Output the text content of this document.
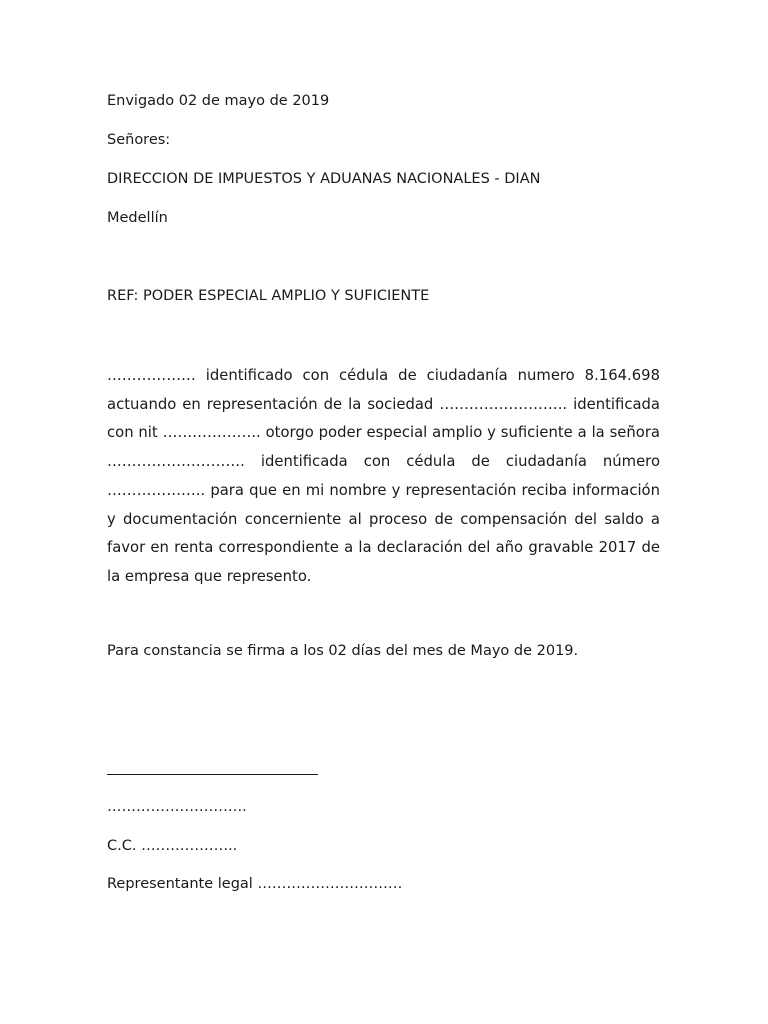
Envigado 02 de mayo de 2019

Señores:

DIRECCION DE IMPUESTOS Y ADUANAS NACIONALES - DIAN

Medellín

REF: PODER ESPECIAL AMPLIO Y SUFICIENTE

……………… identificado con cédula de ciudadanía numero 8.164.698 actuando en representación de la sociedad …………………….. identificada con nit ……………….. otorgo poder especial amplio y suficiente a la señora ………………………. identificada con cédula de ciudadanía número ……………….. para que en mi nombre y representación reciba información y documentación concerniente al proceso de compensación del saldo a favor en renta correspondiente a la declaración del año gravable 2017 de la empresa que represento.

Para constancia se firma a los 02 días del mes de Mayo de 2019.

………………………..

C.C. ………………..

Representante legal …………………………
